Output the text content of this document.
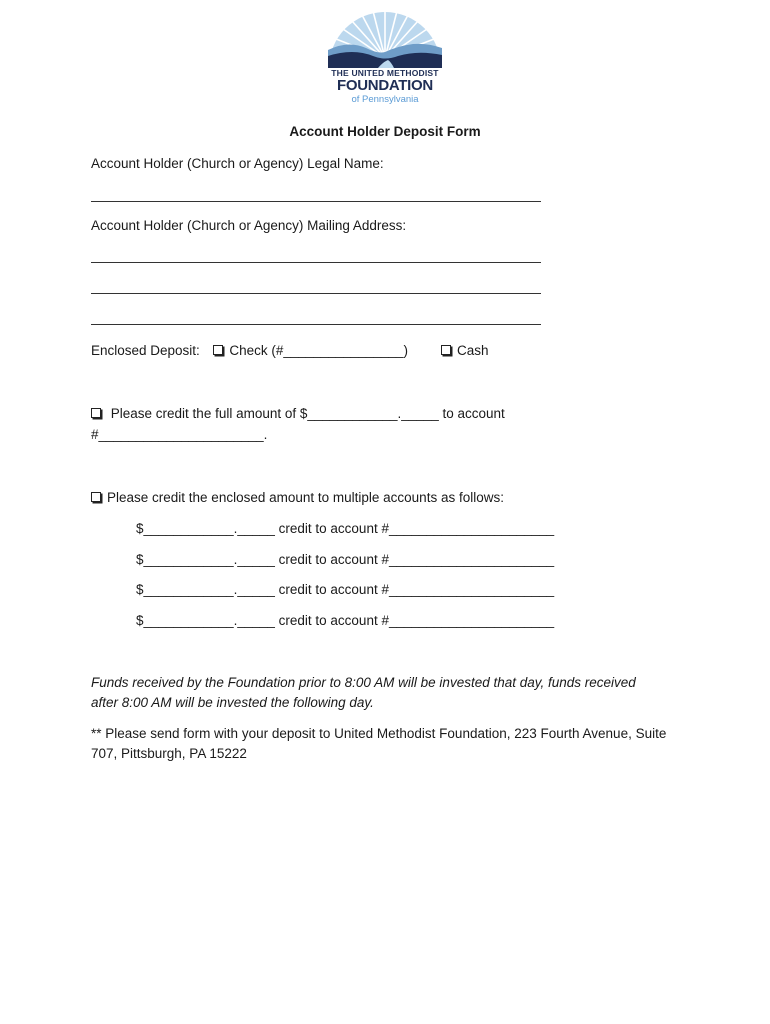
THE UNITED METHODIST
FOUNDATION
of Pennsylvania
Account Holder Deposit Form
Account Holder (Church or Agency) Legal Name:
Account Holder (Church or Agency) Mailing Address:
Enclosed Deposit: Check (#________________)	Cash
Please credit the full amount of $____________._____ to account
#______________________.
Please credit the enclosed amount to multiple accounts as follows:
$____________._____ credit to account #______________________
$____________._____ credit to account #______________________
$____________._____ credit to account #______________________
$____________._____ credit to account #______________________
Funds received by the Foundation prior to 8:00 AM will be invested that day, funds received
after 8:00 AM will be invested the following day.
** Please send form with your deposit to United Methodist Foundation, 223 Fourth Avenue, Suite
707, Pittsburgh, PA 15222
